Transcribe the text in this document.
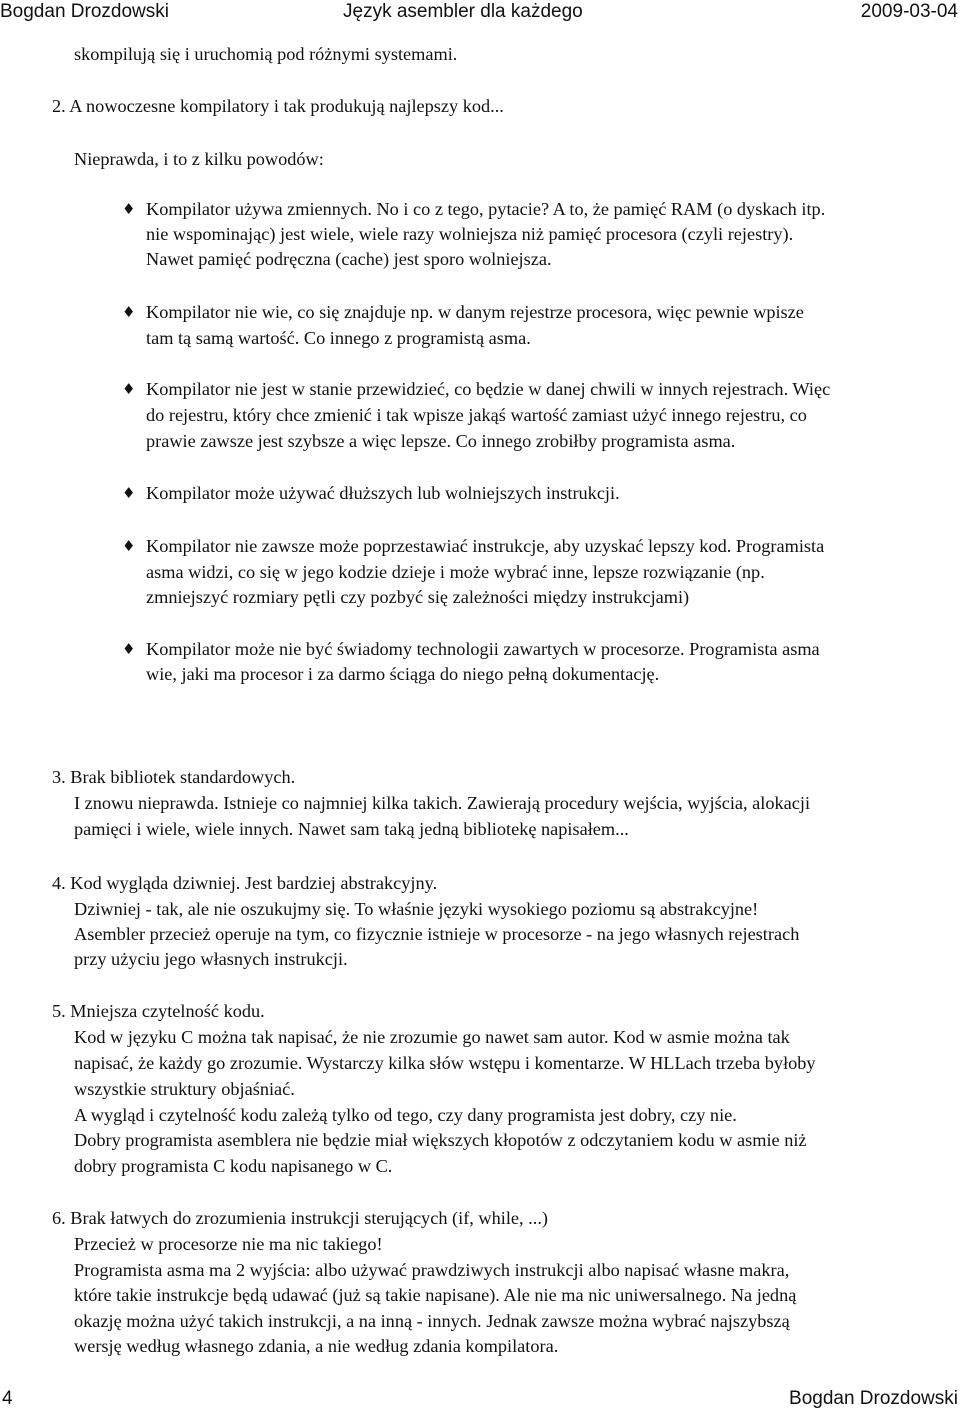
Bogdan Drozdowski	Język asembler dla każdego	2009-03-04
skompilują się i uruchomią pod różnymi systemami.
2. A nowoczesne kompilatory i tak produkują najlepszy kod...
Nieprawda, i to z kilku powodów:
♦ Kompilator używa zmiennych. No i co z tego, pytacie? A to, że pamięć RAM (o dyskach itp.
nie wspominając) jest wiele, wiele razy wolniejsza niż pamięć procesora (czyli rejestry).
Nawet pamięć podręczna (cache) jest sporo wolniejsza.
♦ Kompilator nie wie, co się znajduje np. w danym rejestrze procesora, więc pewnie wpisze
tam tą samą wartość. Co innego z programistą asma.
♦ Kompilator nie jest w stanie przewidzieć, co będzie w danej chwili w innych rejestrach. Więc
do rejestru, który chce zmienić i tak wpisze jakąś wartość zamiast użyć innego rejestru, co
prawie zawsze jest szybsze a więc lepsze. Co innego zrobiłby programista asma.
♦ Kompilator może używać dłuższych lub wolniejszych instrukcji.
♦ Kompilator nie zawsze może poprzestawiać instrukcje, aby uzyskać lepszy kod. Programista
asma widzi, co się w jego kodzie dzieje i może wybrać inne, lepsze rozwiązanie (np.
zmniejszyć rozmiary pętli czy pozbyć się zależności między instrukcjami)
♦ Kompilator może nie być świadomy technologii zawartych w procesorze. Programista asma
wie, jaki ma procesor i za darmo ściąga do niego pełną dokumentację.
3. Brak bibliotek standardowych.
I znowu nieprawda. Istnieje co najmniej kilka takich. Zawierają procedury wejścia, wyjścia, alokacji
pamięci i wiele, wiele innych. Nawet sam taką jedną bibliotekę napisałem...
4. Kod wygląda dziwniej. Jest bardziej abstrakcyjny.
Dziwniej - tak, ale nie oszukujmy się. To właśnie języki wysokiego poziomu są abstrakcyjne!
Asembler przecież operuje na tym, co fizycznie istnieje w procesorze - na jego własnych rejestrach
przy użyciu jego własnych instrukcji.
5. Mniejsza czytelność kodu.
Kod w języku C można tak napisać, że nie zrozumie go nawet sam autor. Kod w asmie można tak
napisać, że każdy go zrozumie. Wystarczy kilka słów wstępu i komentarze. W HLLach trzeba byłoby
wszystkie struktury objaśniać.
A wygląd i czytelność kodu zależą tylko od tego, czy dany programista jest dobry, czy nie.
Dobry programista asemblera nie będzie miał większych kłopotów z odczytaniem kodu w asmie niż
dobry programista C kodu napisanego w C.
6. Brak łatwych do zrozumienia instrukcji sterujących (if, while, ...)
Przecież w procesorze nie ma nic takiego!
Programista asma ma 2 wyjścia: albo używać prawdziwych instrukcji albo napisać własne makra,
które takie instrukcje będą udawać (już są takie napisane). Ale nie ma nic uniwersalnego. Na jedną
okazję można użyć takich instrukcji, a na inną - innych. Jednak zawsze można wybrać najszybszą
wersję według własnego zdania, a nie według zdania kompilatora.
4	Bogdan Drozdowski
